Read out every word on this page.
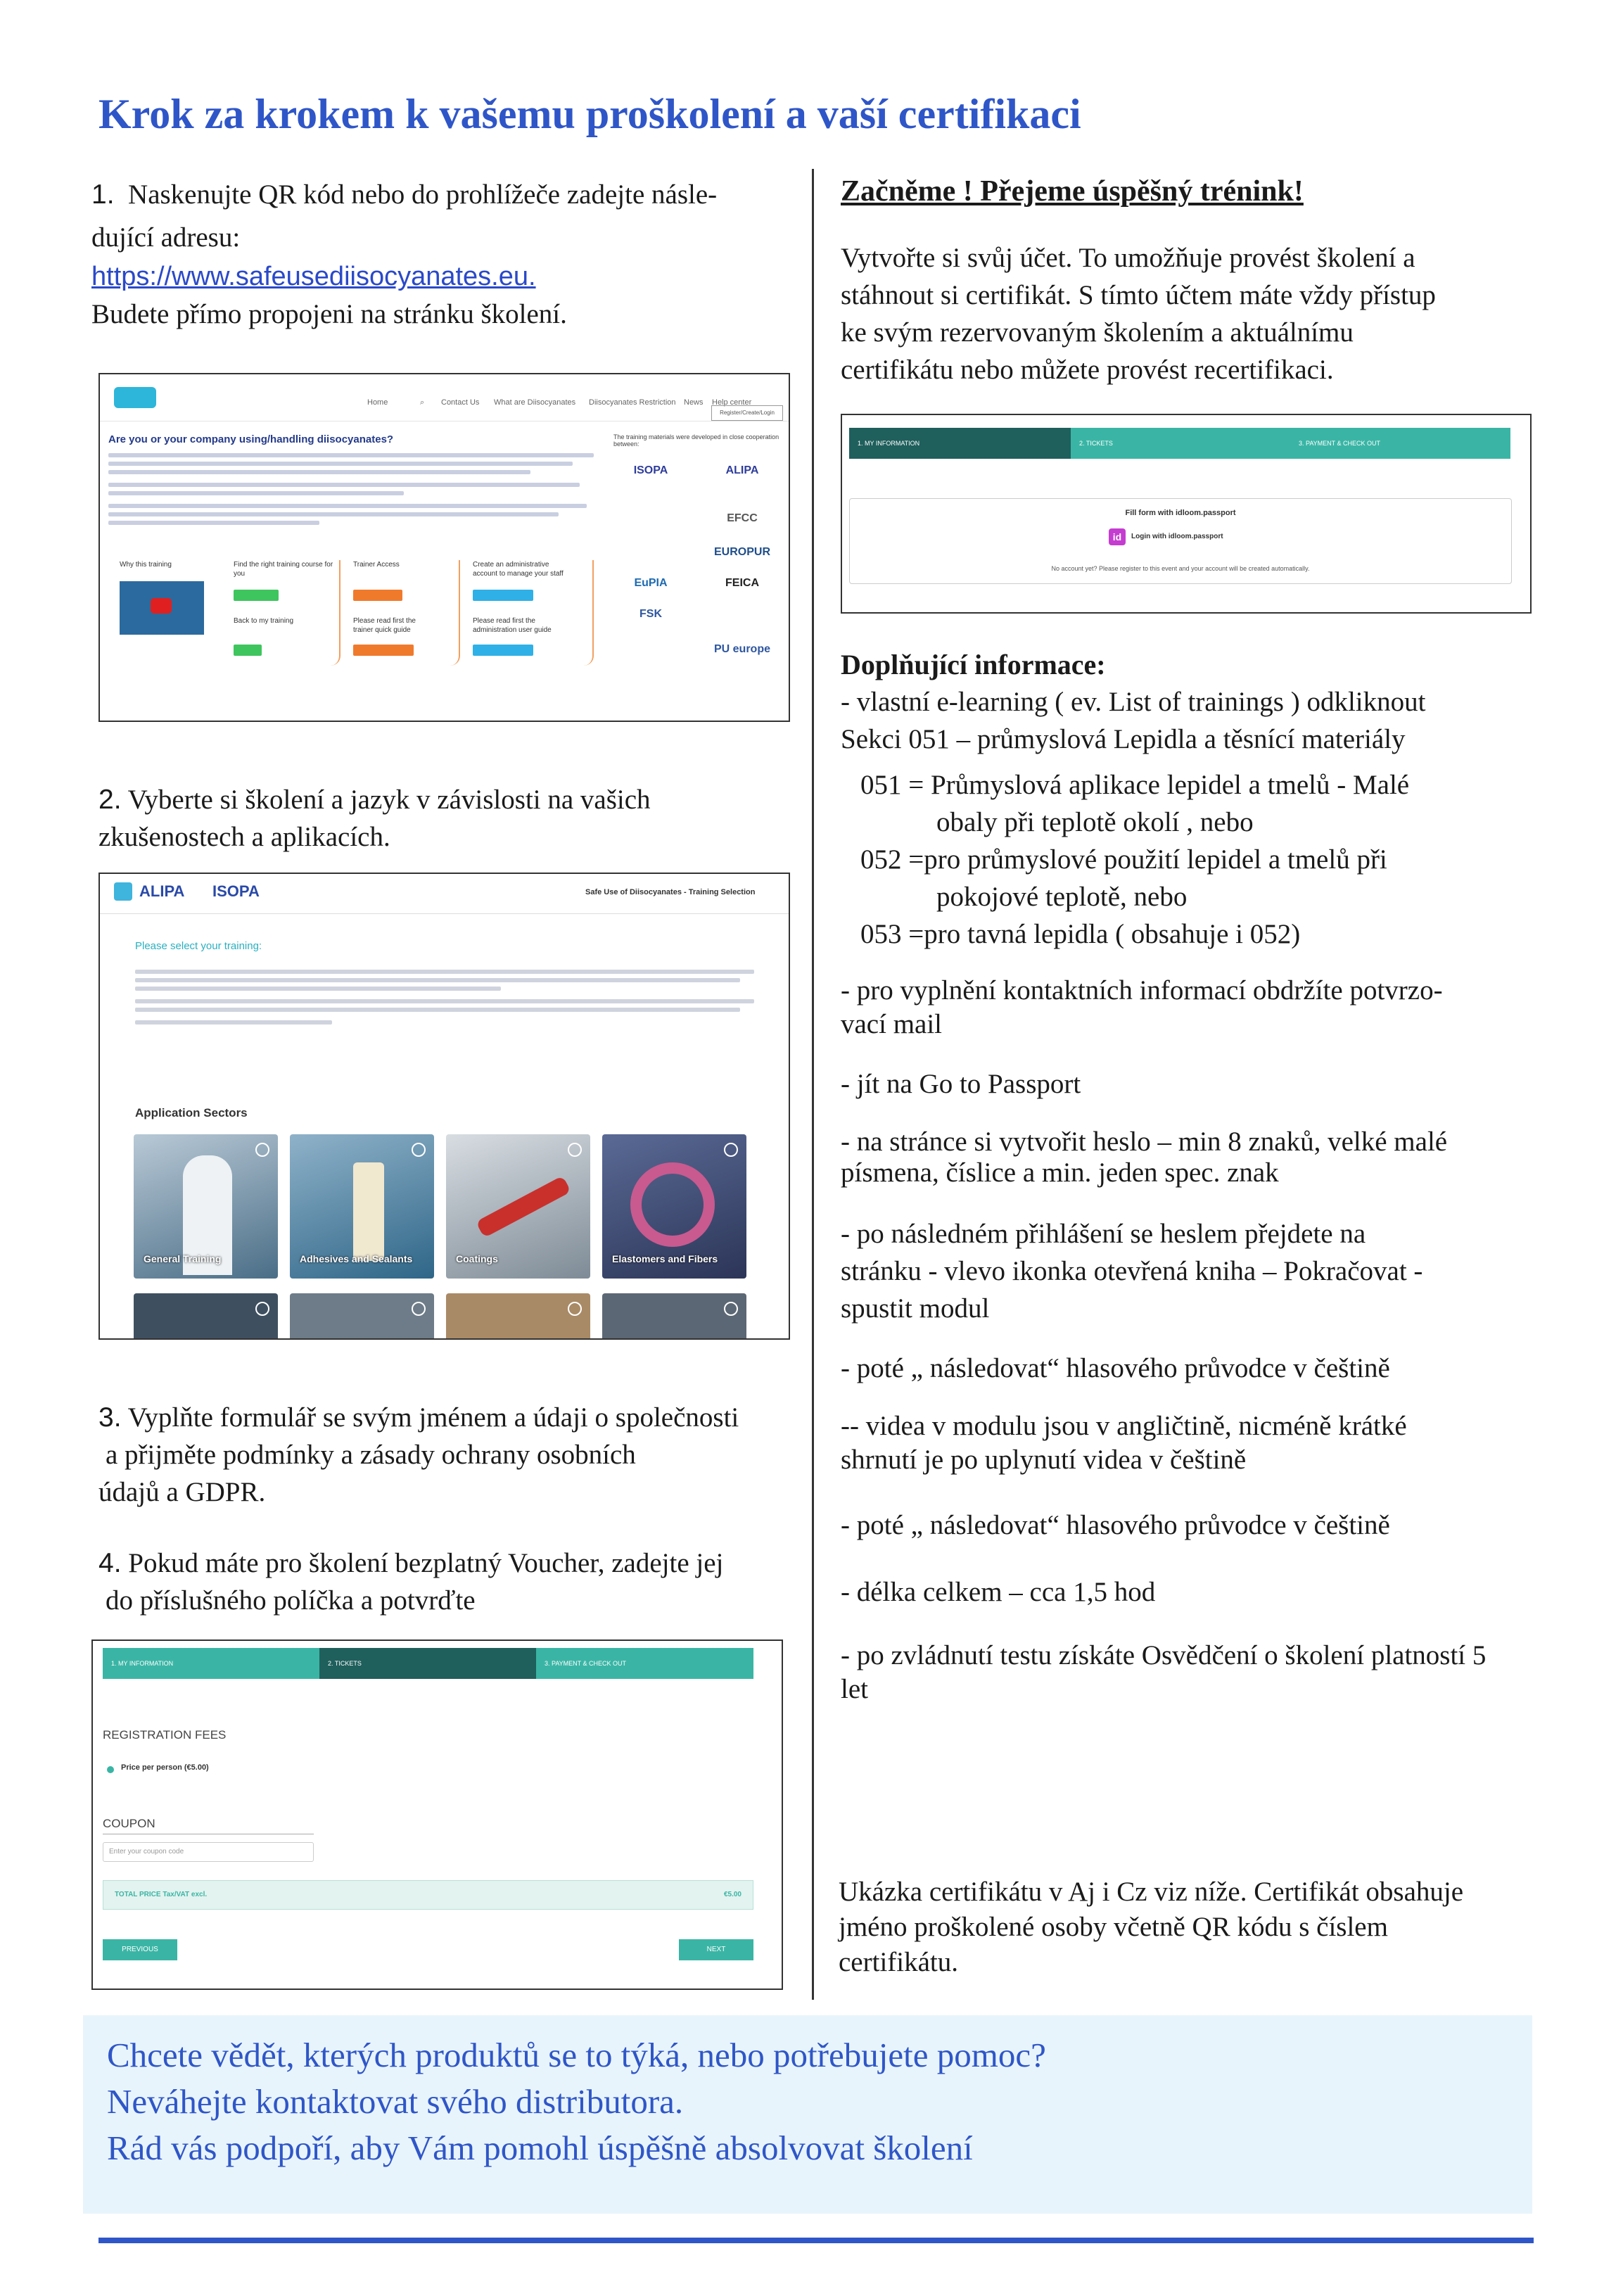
Krok za krokem k vašemu proškolení a vaší certifikaci
1. Naskenujte QR kód nebo do prohlížeče zadejte násle-
dující adresu:
https://www.safeusediisocyanates.eu.
Budete přímo propojeni na stránku školení.
Home	⌕ Contact Us What are Diisocyanates Diisocyanates Restriction News Help center
Register/Create/Login
Are you or your company using/handling diisocyanates?	The training materials were developed in close cooperation between:
ISOPA	ALIPA
EFCC
EUROPUR
EuPIA	FEICA
FSK
PU europe
Why this training	Find the right training course for you
Back to my training
Trainer Access
Please read first the trainer quick guide
Create an administrative account to manage your staff
Please read first the administration user guide
2. Vyberte si školení a jazyk v závislosti na vašich
zkušenostech a aplikacích.
ALIPA ISOPA	Safe Use of Diisocyanates - Training Selection
Please select your training:
Application Sectors
General Training	Adhesives and Sealants	Coatings	Elastomers and Fibers
3. Vyplňte formulář se svým jménem a údaji o společnosti
a přijměte podmínky a zásady ochrany osobních
údajů a GDPR.
4. Pokud máte pro školení bezplatný Voucher, zadejte jej
do příslušného políčka a potvrďte
1. MY INFORMATION	2. TICKETS	3. PAYMENT & CHECK OUT
REGISTRATION FEES
Price per person (€5.00)
COUPON
Enter your coupon code
TOTAL PRICE Tax/VAT excl.	€5.00
PREVIOUS	NEXT
Začněme ! Přejeme úspěšný trénink!
Vytvořte si svůj účet. To umožňuje provést školení a
stáhnout si certifikát. S tímto účtem máte vždy přístup
ke svým rezervovaným školením a aktuálnímu
certifikátu nebo můžete provést recertifikaci.
1. MY INFORMATION	2. TICKETS	3. PAYMENT & CHECK OUT
Fill form with idloom.passport
id	Login with idloom.passport
No account yet? Please register to this event and your account will be created automatically.
Doplňující informace:
- vlastní e-learning ( ev. List of trainings ) odkliknout
Sekci 051 – průmyslová Lepidla a těsnící materiály
051 = Průmyslová aplikace lepidel a tmelů - Malé
obaly při teplotě okolí , nebo
052 =pro průmyslové použití lepidel a tmelů při
pokojové teplotě, nebo
053 =pro tavná lepidla ( obsahuje i 052)
- pro vyplnění kontaktních informací obdržíte potvrzo-
vací mail
- jít na Go to Passport
- na stránce si vytvořit heslo – min 8 znaků, velké malé
písmena, číslice a min. jeden spec. znak
- po následném přihlášení se heslem přejdete na
stránku - vlevo ikonka otevřená kniha – Pokračovat -
spustit modul
- poté „ následovat“ hlasového průvodce v češtině
-- videa v modulu jsou v angličtině, nicméně krátké
shrnutí je po uplynutí videa v češtině
- poté „ následovat“ hlasového průvodce v češtině
- délka celkem – cca 1,5 hod
- po zvládnutí testu získáte Osvědčení o školení platností 5
let
Ukázka certifikátu v Aj i Cz viz níže. Certifikát obsahuje
jméno proškolené osoby včetně QR kódu s číslem
certifikátu.
Chcete vědět, kterých produktů se to týká, nebo potřebujete pomoc?
Neváhejte kontaktovat svého distributora.
Rád vás podpoří, aby Vám pomohl úspěšně absolvovat školení
